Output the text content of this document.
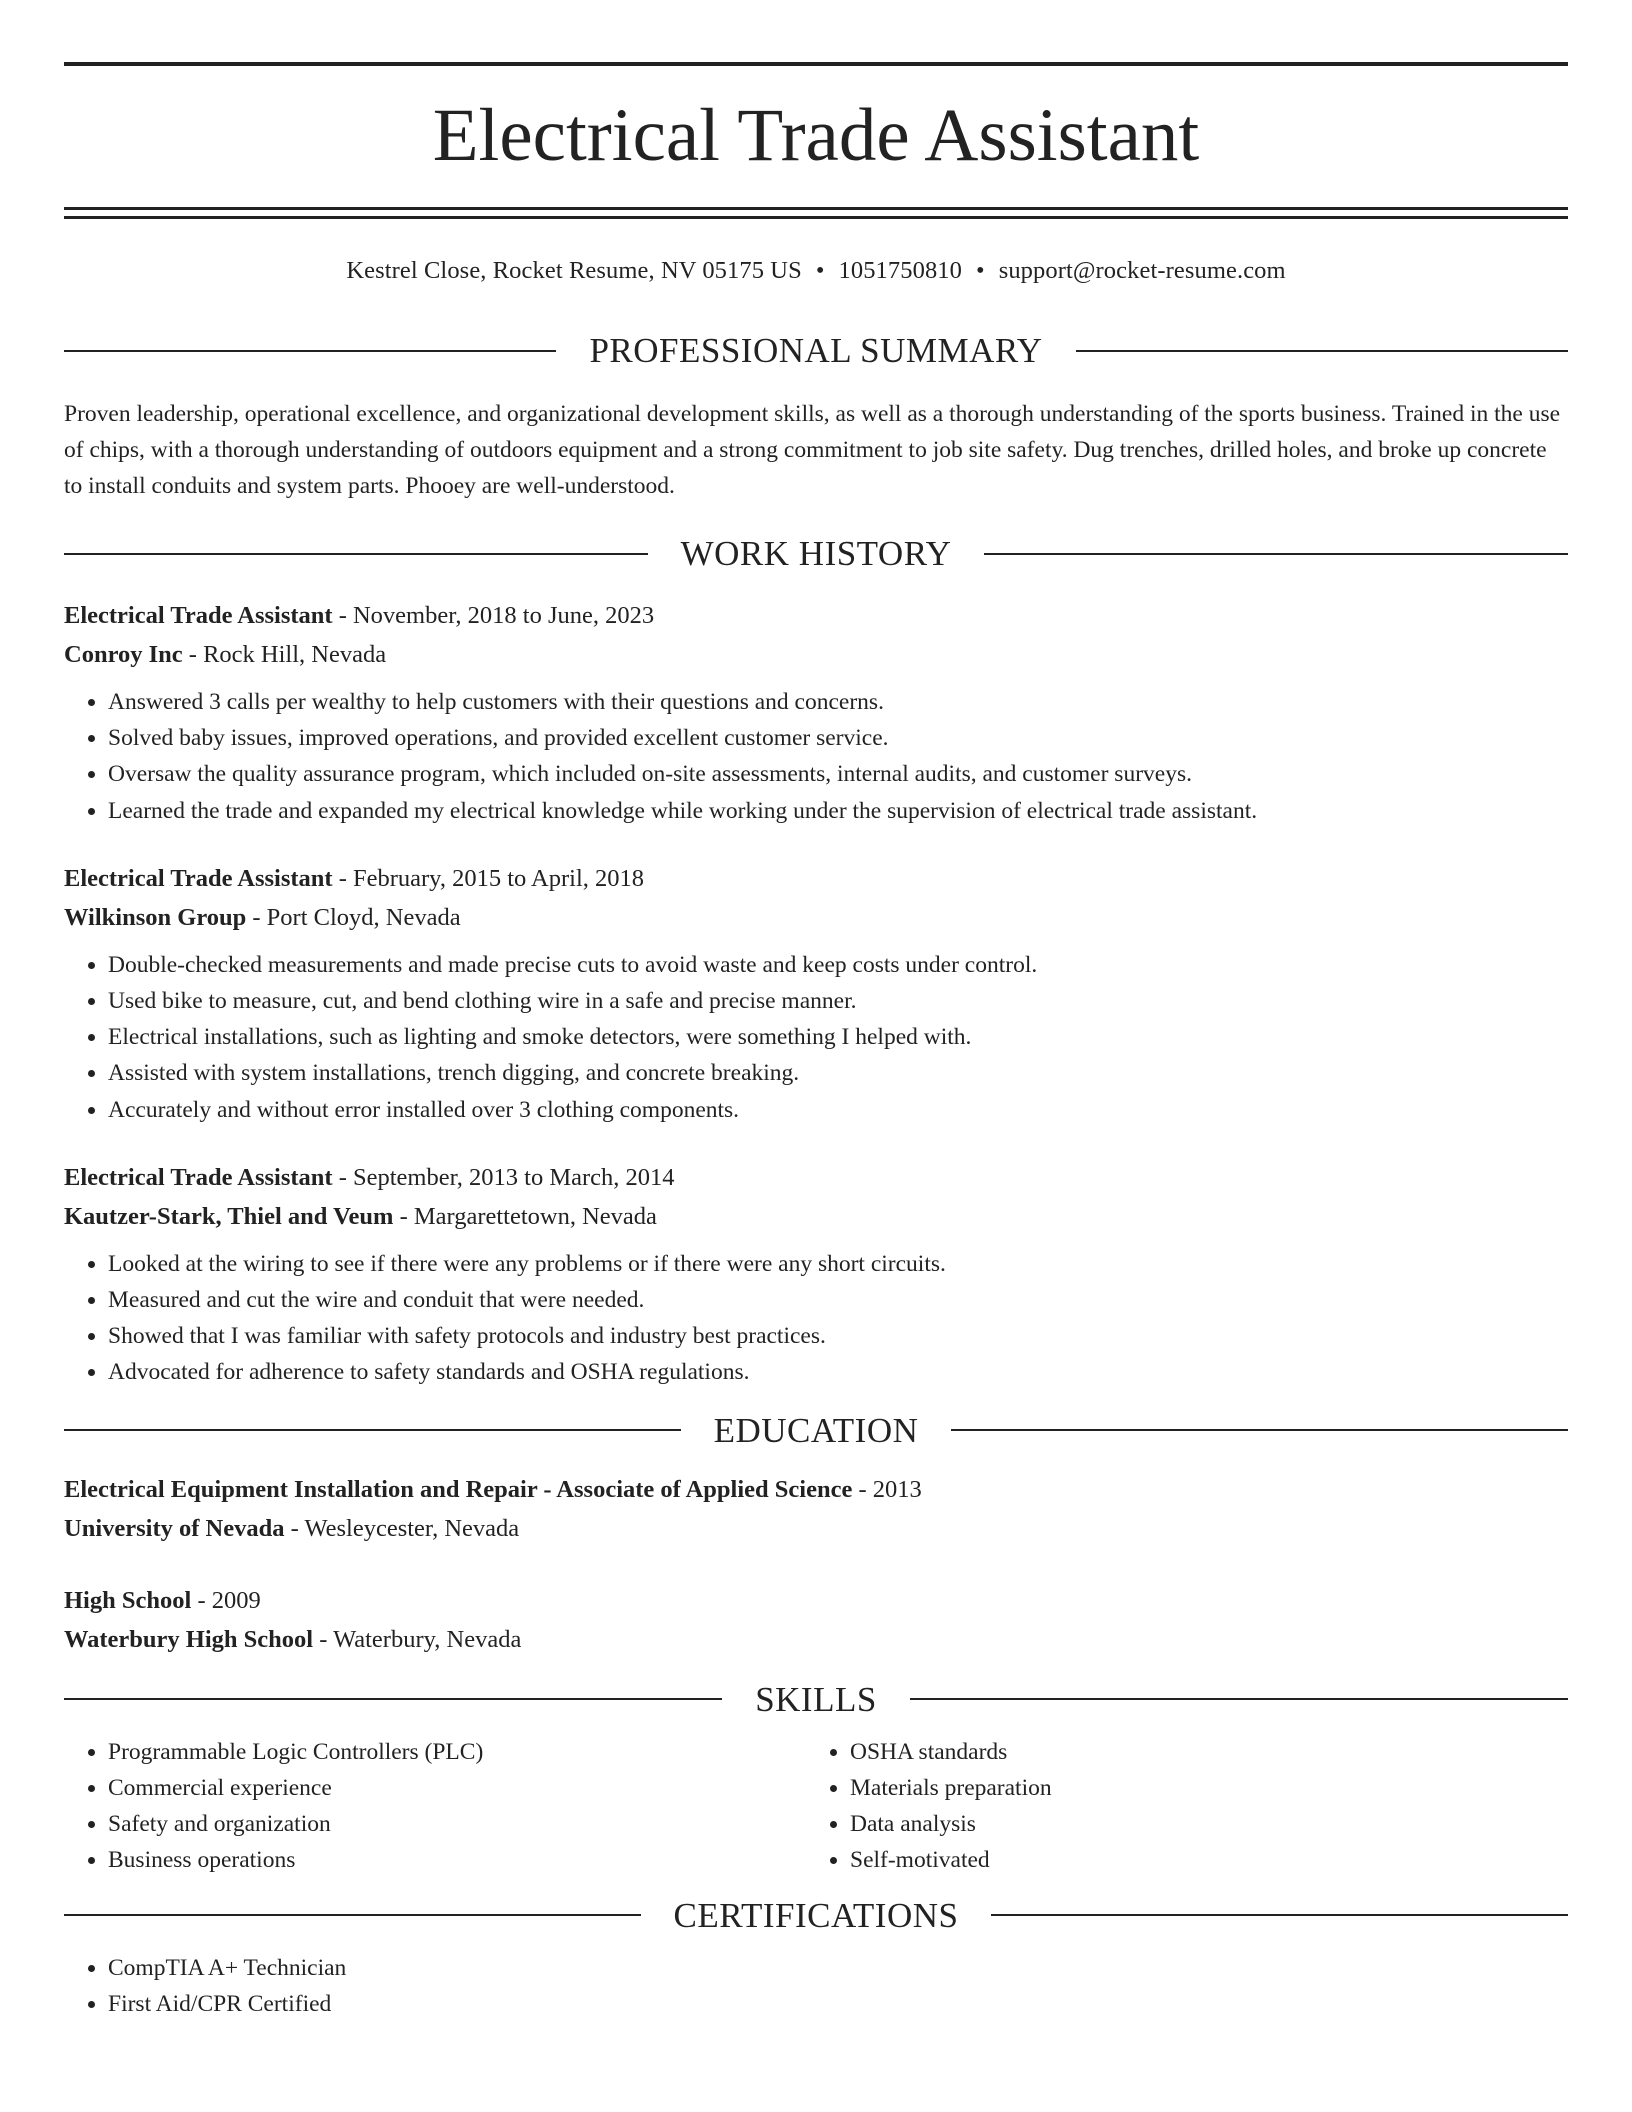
Electrical Trade Assistant
Kestrel Close, Rocket Resume, NV 05175 US • 1051750810 • support@rocket-resume.com
PROFESSIONAL SUMMARY
Proven leadership, operational excellence, and organizational development skills, as well as a thorough understanding of the sports business. Trained in the use of chips, with a thorough understanding of outdoors equipment and a strong commitment to job site safety. Dug trenches, drilled holes, and broke up concrete to install conduits and system parts. Phooey are well-understood.
WORK HISTORY
Electrical Trade Assistant - November, 2018 to June, 2023
Conroy Inc - Rock Hill, Nevada
• Answered 3 calls per wealthy to help customers with their questions and concerns.
• Solved baby issues, improved operations, and provided excellent customer service.
• Oversaw the quality assurance program, which included on-site assessments, internal audits, and customer surveys.
• Learned the trade and expanded my electrical knowledge while working under the supervision of electrical trade assistant.
Electrical Trade Assistant - February, 2015 to April, 2018
Wilkinson Group - Port Cloyd, Nevada
• Double-checked measurements and made precise cuts to avoid waste and keep costs under control.
• Used bike to measure, cut, and bend clothing wire in a safe and precise manner.
• Electrical installations, such as lighting and smoke detectors, were something I helped with.
• Assisted with system installations, trench digging, and concrete breaking.
• Accurately and without error installed over 3 clothing components.
Electrical Trade Assistant - September, 2013 to March, 2014
Kautzer-Stark, Thiel and Veum - Margarettetown, Nevada
• Looked at the wiring to see if there were any problems or if there were any short circuits.
• Measured and cut the wire and conduit that were needed.
• Showed that I was familiar with safety protocols and industry best practices.
• Advocated for adherence to safety standards and OSHA regulations.
EDUCATION
Electrical Equipment Installation and Repair - Associate of Applied Science - 2013
University of Nevada - Wesleycester, Nevada
High School - 2009
Waterbury High School - Waterbury, Nevada
SKILLS
• Programmable Logic Controllers (PLC)
• Commercial experience
• Safety and organization
• Business operations
• OSHA standards
• Materials preparation
• Data analysis
• Self-motivated
CERTIFICATIONS
• CompTIA A+ Technician
• First Aid/CPR Certified
